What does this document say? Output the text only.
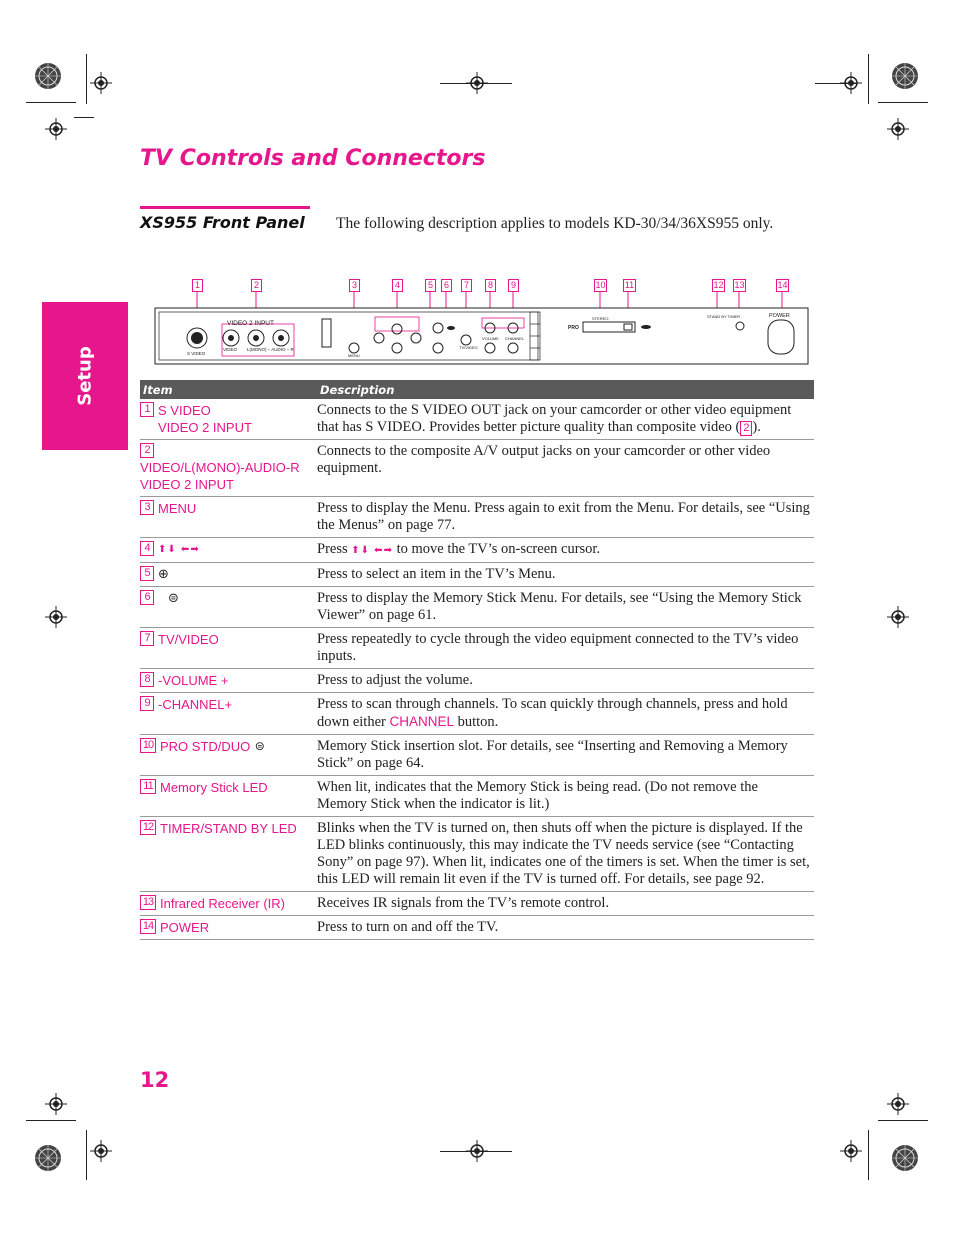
TV Controls and Connectors
XS955 Front Panel The following description applies to models KD-30/34/36XS955 only.

Setup
1	2	3	4	5	6	7	8	9	10 11	12 13	14
VIDEO 2 INPUT
S VIDEO
VIDEO L(MONO) – AUDIO – R
MENU
TV/VIDEO
VOLUME CHANNEL
STEREO
PRO
STAND BY TIMER	POWER
Item	Description
1 S VIDEO
VIDEO 2 INPUT	Connects to the S VIDEO OUT jack on your camcorder or other video equipment that has S VIDEO. Provides better picture quality than composite video ( 2 ).
2
VIDEO/L(MONO)-AUDIO-R
VIDEO 2 INPUT	Connects to the composite A/V output jacks on your camcorder or other video equipment.
3 MENU	Press to display the Menu. Press again to exit from the Menu. For details, see “Using the Menus” on page 77.
4 ⬆⬇ ⬅➡	Press ⬆⬇ ⬅➡ to move the TV’s on-screen cursor.
5 ⊕	Press to select an item in the TV’s Menu.
6 ⊜	Press to display the Memory Stick Menu. For details, see “Using the Memory Stick Viewer” on page 61.
7 TV/VIDEO	Press repeatedly to cycle through the video equipment connected to the TV’s video inputs.
8 -VOLUME +	Press to adjust the volume.
9 -CHANNEL+	Press to scan through channels. To scan quickly through channels, press and hold down either CHANNEL button.
10 PRO STD/DUO ⊜	Memory Stick insertion slot. For details, see “Inserting and Removing a Memory Stick” on page 64.
11 Memory Stick LED	When lit, indicates that the Memory Stick is being read. (Do not remove the Memory Stick when the indicator is lit.)
12 TIMER/STAND BY LED	Blinks when the TV is turned on, then shuts off when the picture is displayed. If the LED blinks continuously, this may indicate the TV needs service (see “Contacting Sony” on page 97). When lit, indicates one of the timers is set. When the timer is set, this LED will remain lit even if the TV is turned off. For details, see page 92.
13 Infrared Receiver (IR)	Receives IR signals from the TV’s remote control.
14 POWER	Press to turn on and off the TV.

12
